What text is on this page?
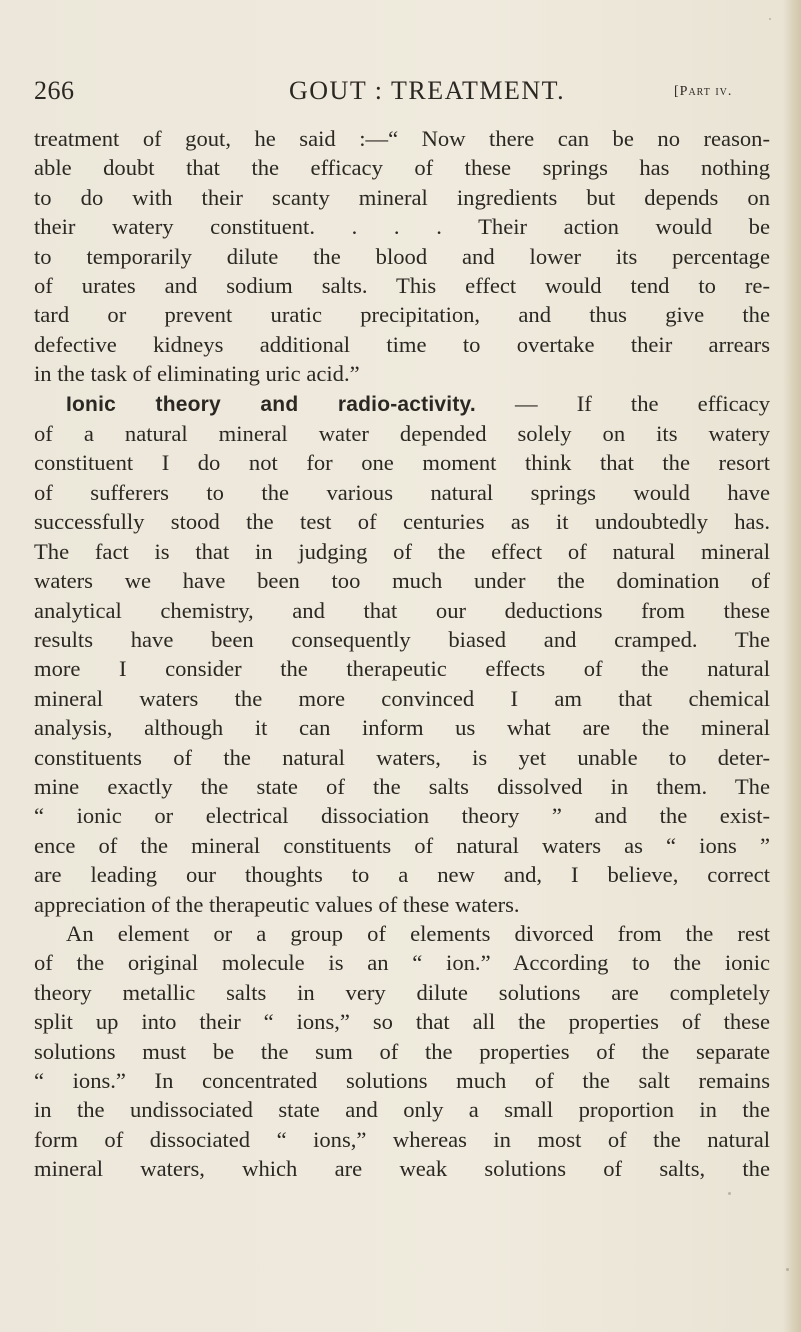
266	GOUT : TREATMENT.	[Part iv.
treatment of gout, he said :—“ Now there can be no reason-
able doubt that the efficacy of these springs has nothing
to do with their scanty mineral ingredients but depends on
their watery constituent. . . . Their action would be
to temporarily dilute the blood and lower its percentage
of urates and sodium salts. This effect would tend to re-
tard or prevent uratic precipitation, and thus give the
defective kidneys additional time to overtake their arrears
in the task of eliminating uric acid.”
Ionic theory and radio-activity. — If the efficacy
of a natural mineral water depended solely on its watery
constituent I do not for one moment think that the resort
of sufferers to the various natural springs would have
successfully stood the test of centuries as it undoubtedly has.
The fact is that in judging of the effect of natural mineral
waters we have been too much under the domination of
analytical chemistry, and that our deductions from these
results have been consequently biased and cramped. The
more I consider the therapeutic effects of the natural
mineral waters the more convinced I am that chemical
analysis, although it can inform us what are the mineral
constituents of the natural waters, is yet unable to deter-
mine exactly the state of the salts dissolved in them. The
“ ionic or electrical dissociation theory ” and the exist-
ence of the mineral constituents of natural waters as “ ions ”
are leading our thoughts to a new and, I believe, correct
appreciation of the therapeutic values of these waters.
An element or a group of elements divorced from the rest
of the original molecule is an “ ion.” According to the ionic
theory metallic salts in very dilute solutions are completely
split up into their “ ions,” so that all the properties of these
solutions must be the sum of the properties of the separate
“ ions.” In concentrated solutions much of the salt remains
in the undissociated state and only a small proportion in the
form of dissociated “ ions,” whereas in most of the natural
mineral waters, which are weak solutions of salts, the
